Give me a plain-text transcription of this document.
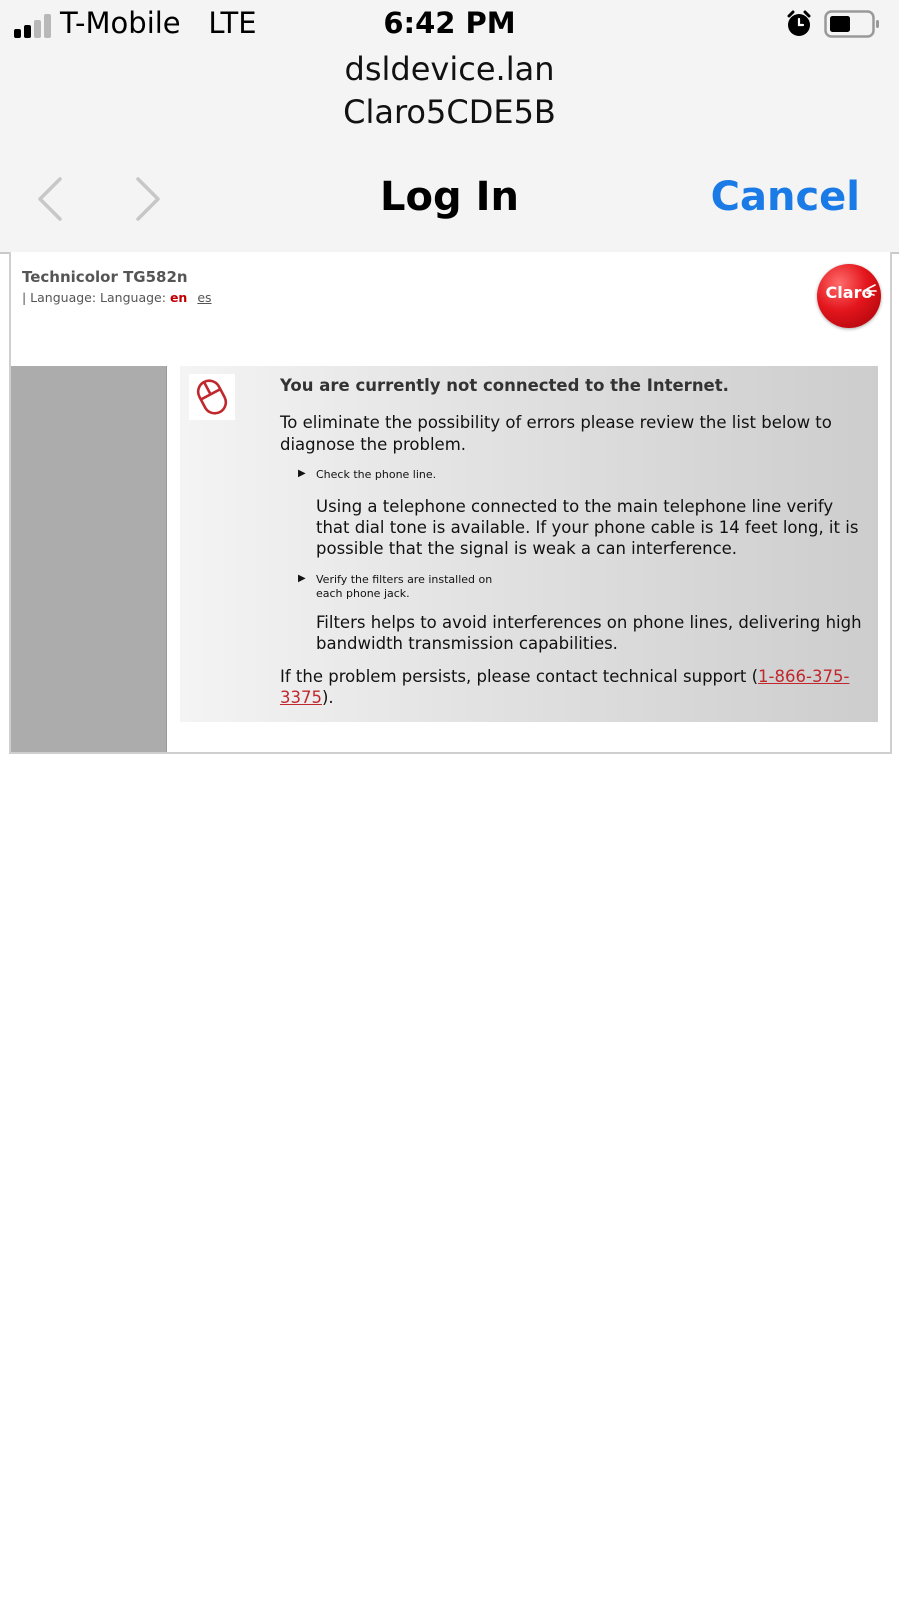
T-Mobile LTE	6:42 PM
dsldevice.lan
Claro5CDE5B
Log In	Cancel
Technicolor TG582n
| Language: Language: en es	Claro
You are currently not connected to the Internet.
To eliminate the possibility of errors please review the list below to diagnose the problem.
▶ Check the phone line.
Using a telephone connected to the main telephone line verify that dial tone is available. If your phone cable is 14 feet long, it is possible that the signal is weak a can interference.
▶ Verify the filters are installed on each phone jack.
Filters helps to avoid interferences on phone lines, delivering high bandwidth transmission capabilities.
If the problem persists, please contact technical support (1-866-375-3375).
